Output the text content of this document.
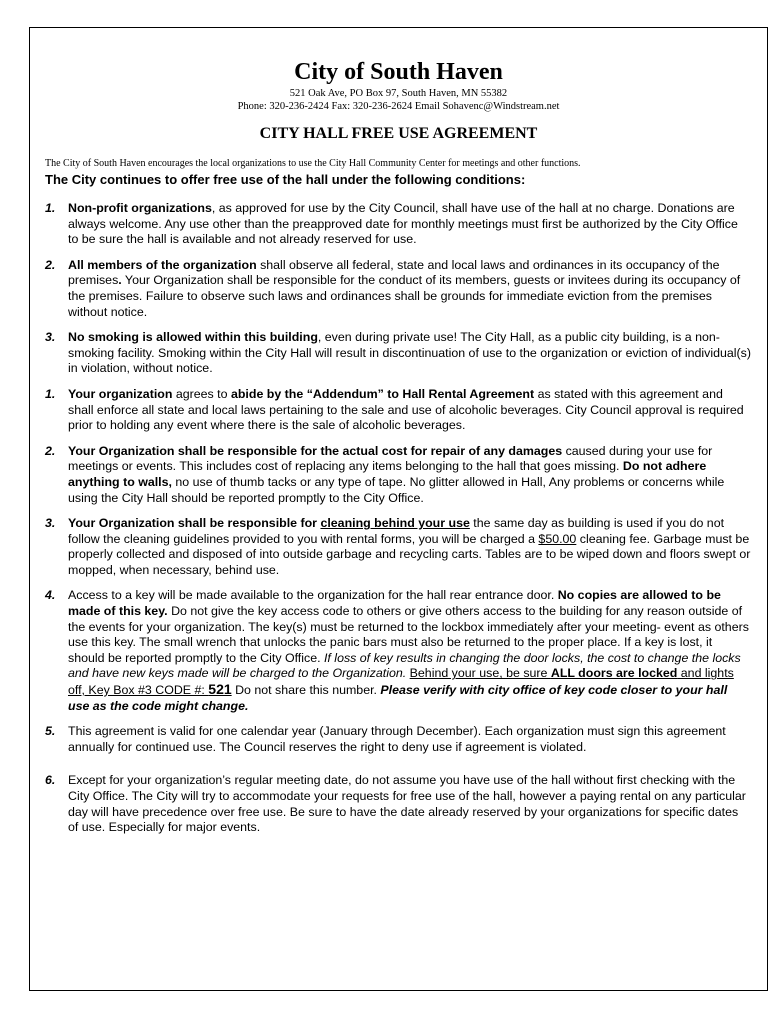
City of South Haven
521 Oak Ave, PO Box 97, South Haven, MN 55382
Phone: 320-236-2424 Fax: 320-236-2624 Email Sohavenc@Windstream.net
CITY HALL FREE USE AGREEMENT
The City of South Haven encourages the local organizations to use the City Hall Community Center for meetings and other functions.
The City continues to offer free use of the hall under the following conditions:
1. Non-profit organizations, as approved for use by the City Council, shall have use of the hall at no charge. Donations are always welcome. Any use other than the preapproved date for monthly meetings must first be authorized by the City Office to be sure the hall is available and not already reserved for use.
2. All members of the organization shall observe all federal, state and local laws and ordinances in its occupancy of the premises. Your Organization shall be responsible for the conduct of its members, guests or invitees during its occupancy of the premises. Failure to observe such laws and ordinances shall be grounds for immediate eviction from the premises without notice.
3. No smoking is allowed within this building, even during private use! The City Hall, as a public city building, is a non-smoking facility. Smoking within the City Hall will result in discontinuation of use to the organization or eviction of individual(s) in violation, without notice.
1. Your organization agrees to abide by the “Addendum” to Hall Rental Agreement as stated with this agreement and shall enforce all state and local laws pertaining to the sale and use of alcoholic beverages. City Council approval is required prior to holding any event where there is the sale of alcoholic beverages.
2. Your Organization shall be responsible for the actual cost for repair of any damages caused during your use for meetings or events. This includes cost of replacing any items belonging to the hall that goes missing. Do not adhere anything to walls, no use of thumb tacks or any type of tape. No glitter allowed in Hall, Any problems or concerns while using the City Hall should be reported promptly to the City Office.
3. Your Organization shall be responsible for cleaning behind your use the same day as building is used if you do not follow the cleaning guidelines provided to you with rental forms, you will be charged a $50.00 cleaning fee. Garbage must be properly collected and disposed of into outside garbage and recycling carts. Tables are to be wiped down and floors swept or mopped, when necessary, behind use.
4. Access to a key will be made available to the organization for the hall rear entrance door. No copies are allowed to be made of this key. Do not give the key access code to others or give others access to the building for any reason outside of the events for your organization. The key(s) must be returned to the lockbox immediately after your meeting- event as others use this key. The small wrench that unlocks the panic bars must also be returned to the proper place. If a key is lost, it should be reported promptly to the City Office. If loss of key results in changing the door locks, the cost to change the locks and have new keys made will be charged to the Organization. Behind your use, be sure ALL doors are locked and lights off, Key Box #3 CODE #: 521 Do not share this number. Please verify with city office of key code closer to your hall use as the code might change.
5. This agreement is valid for one calendar year (January through December). Each organization must sign this agreement annually for continued use. The Council reserves the right to deny use if agreement is violated.
6. Except for your organization’s regular meeting date, do not assume you have use of the hall without first checking with the City Office. The City will try to accommodate your requests for free use of the hall, however a paying rental on any particular day will have precedence over free use. Be sure to have the date already reserved by your organizations for specific dates of use. Especially for major events.
